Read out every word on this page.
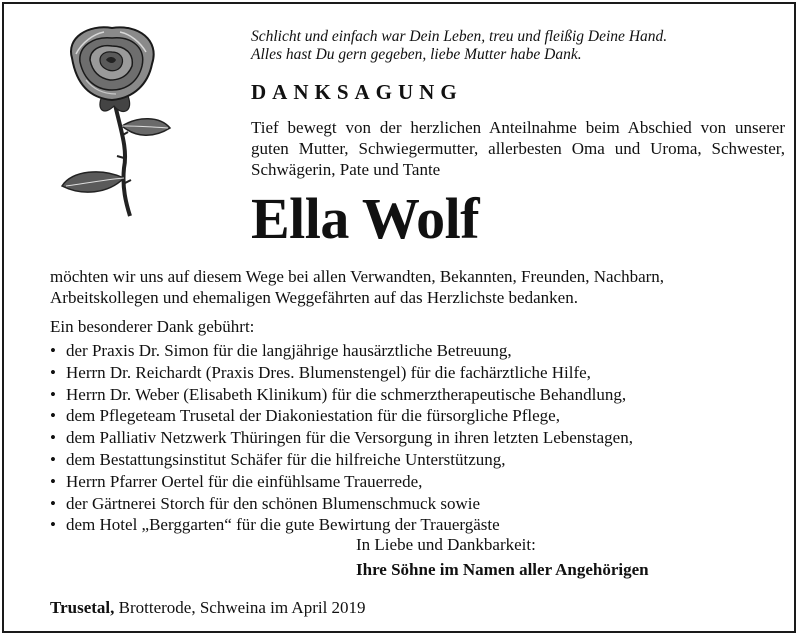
Schlicht und einfach war Dein Leben, treu und fleißig Deine Hand.
Alles hast Du gern gegeben, liebe Mutter habe Dank.
DANKSAGUNG
Tief bewegt von der herzlichen Anteilnahme beim Abschied von unserer guten Mutter, Schwiegermutter, allerbesten Oma und Uroma, Schwester, Schwägerin, Pate und Tante
Ella Wolf
möchten wir uns auf diesem Wege bei allen Verwandten, Bekannten, Freunden, Nachbarn,
Arbeitskollegen und ehemaligen Weggefährten auf das Herzlichste bedanken.
Ein besonderer Dank gebührt:
• der Praxis Dr. Simon für die langjährige hausärztliche Betreuung,
• Herrn Dr. Reichardt (Praxis Dres. Blumenstengel) für die fachärztliche Hilfe,
• Herrn Dr. Weber (Elisabeth Klinikum) für die schmerztherapeutische Behandlung,
• dem Pflegeteam Trusetal der Diakoniestation für die fürsorgliche Pflege,
• dem Palliativ Netzwerk Thüringen für die Versorgung in ihren letzten Lebenstagen,
• dem Bestattungsinstitut Schäfer für die hilfreiche Unterstützung,
• Herrn Pfarrer Oertel für die einfühlsame Trauerrede,
• der Gärtnerei Storch für den schönen Blumenschmuck sowie
• dem Hotel „Berggarten“ für die gute Bewirtung der Trauergäste
In Liebe und Dankbarkeit:
Ihre Söhne im Namen aller Angehörigen
Trusetal, Brotterode, Schweina im April 2019
